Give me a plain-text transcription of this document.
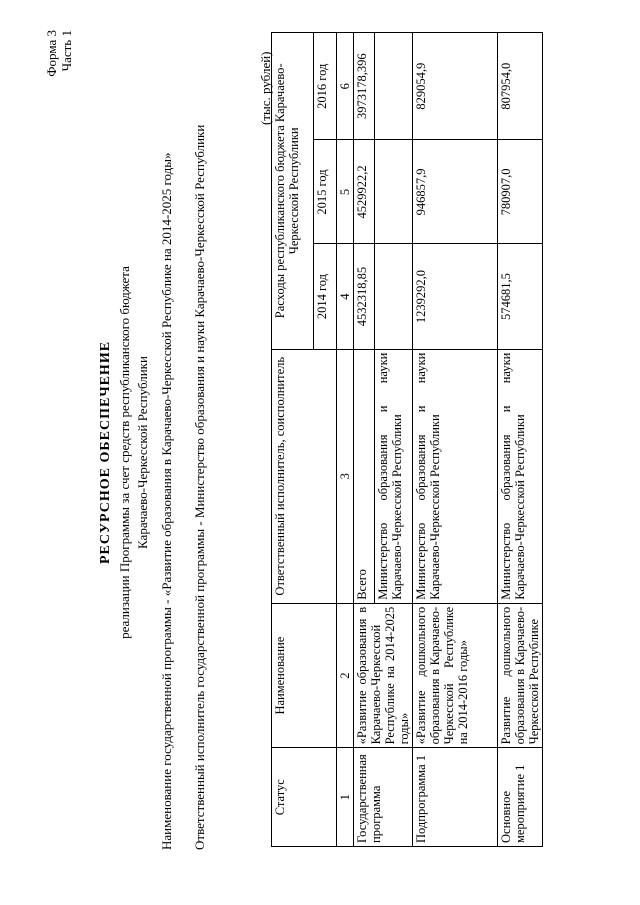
Форма 3 Часть 1
РЕСУРСНОЕ ОБЕСПЕЧЕНИЕ реализации Программы за счет средств республиканского бюджета Карачаево-Черкесской Республики Наименование государственной программы - «Развитие образования в Карачаево-Черкесской Республике на 2014-2025 годы» Ответственный исполнитель государственной программы - Министерство образования и науки Карачаево-Черкесской Республики
(тыс. рублей)
Статус	Наименование	Ответственный исполнитель, соисполнитель	Расходы республиканского бюджета Карачаево-Черкесской Республики		
			2014 год	2015 год	2016 год
1	2	3	4	5	6
Государственная программа	«Развитие образования в Карачаево-Черкесской Республике на 2014-2025 годы»	Всего	4532318,85	4529922,2	3973178,396
		Министерство образования и науки Карачаево-Черкесской Республики			
Подпрограмма 1	«Развитие дошкольного образования в Карачаево-Черкесской Республике на 2014-2016 годы»	Министерство образования и науки Карачаево-Черкесской Республики	1239292,0	946857,9	829054,9
Основное мероприятие 1	Развитие дошкольного образования в Карачаево-Черкесской Республике	Министерство образования и науки Карачаево-Черкесской Республики	574681,5	780907,0	807954,0
